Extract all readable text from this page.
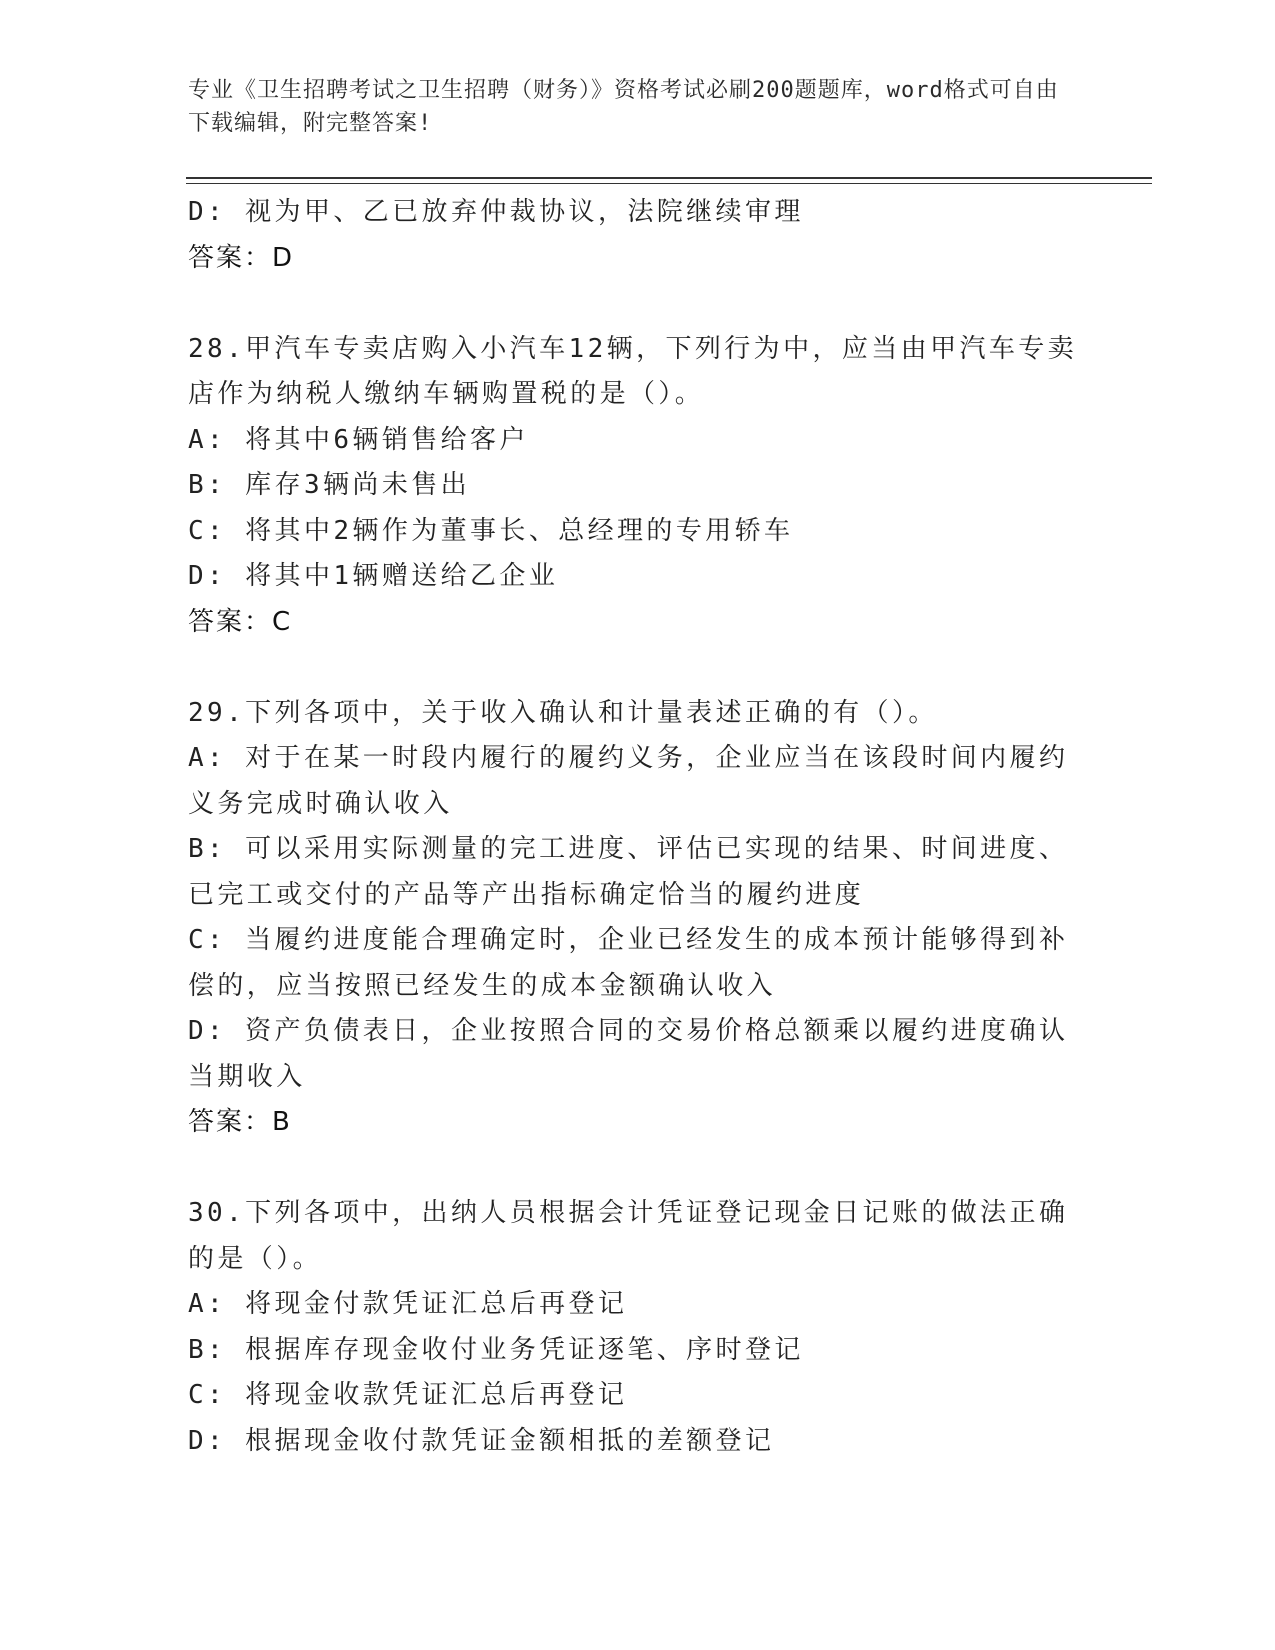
专业《卫生招聘考试之卫生招聘（财务）》资格考试必刷200题题库，word格式可自由下载编辑，附完整答案!
D: 视为甲、乙已放弃仲裁协议，法院继续审理
答案：D
28.甲汽车专卖店购入小汽车12辆，下列行为中，应当由甲汽车专卖店作为纳税人缴纳车辆购置税的是（）。
A: 将其中6辆销售给客户
B: 库存3辆尚未售出
C: 将其中2辆作为董事长、总经理的专用轿车
D: 将其中1辆赠送给乙企业
答案：C
29.下列各项中，关于收入确认和计量表述正确的有（）。
A: 对于在某一时段内履行的履约义务，企业应当在该段时间内履约义务完成时确认收入
B: 可以采用实际测量的完工进度、评估已实现的结果、时间进度、已完工或交付的产品等产出指标确定恰当的履约进度
C: 当履约进度能合理确定时，企业已经发生的成本预计能够得到补偿的，应当按照已经发生的成本金额确认收入
D: 资产负债表日，企业按照合同的交易价格总额乘以履约进度确认当期收入
答案：B
30.下列各项中，出纳人员根据会计凭证登记现金日记账的做法正确的是（）。
A: 将现金付款凭证汇总后再登记
B: 根据库存现金收付业务凭证逐笔、序时登记
C: 将现金收款凭证汇总后再登记
D: 根据现金收付款凭证金额相抵的差额登记
